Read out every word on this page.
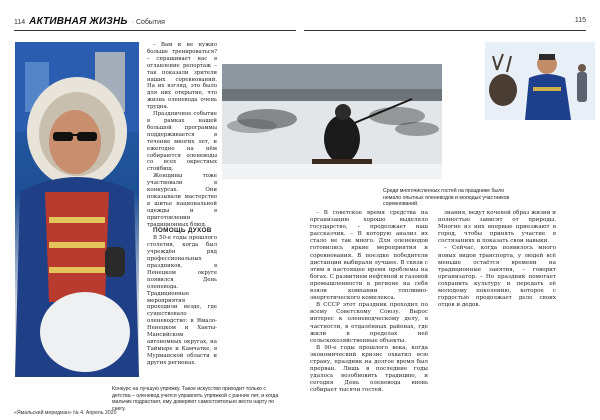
114 АКТИВНАЯ ЖИЗНЬ · События	115

– Вам и не нужно больше тренироваться? – спрашивает нас в оглавление репортаж – так показали зрители наших соревнований. На их взгляд, это было для них открытие, что жизнь оленевода очень трудна.

Праздничное событие в рамках нашей большой программы поддерживается в течение многих лет, и ежегодно на нём собираются оленеводы со всех окрестных стойбищ.

Женщины тоже участвовали в конкурсах. Они показывали мастерство в шитье национальной одежды и в приготовлении традиционных блюд.

ПОМОЩЬ ДУХОВ

В 50-е годы прошлого столетия, когда был учреждён ряд профессиональных праздников, в Ненецком округе появился День оленевода. Традиционные мероприятия проходили везде, где существовало оленеводство: в Ямало-Ненецком и Ханты-Мансийском автономных округах, на Таймыре и Камчатке, в Мурманской области и других регионах.

Конкурс на лучшую упряжку. Такое искусство приходит только с детства – оленевод учится управлять упряжкой с ранних лет, и когда мальчик подрастает, ему доверяют самостоятельно вести нарту по снегу.
Среди многочисленных гостей на празднике было немало опытных оленеводов и молодых участников соревнований.

– В советское время средства на организацию хорошо выделяло государство, – продолжает наш рассказчик. – В которую анализ их стало не так много. Для оленеводов готовились яркие мероприятия и соревнования. В поездке победители дистанции выбирали лучшее. В связи с этим в настоящее время проблемы на богах. С развитием нефтяной и газовой промышленности в регионе на себя взяли компании топливно-энергетического комплекса.

В СССР этот праздник проходил по всему Советскому Союзу. Вырос интерес к оленеводческому делу, в частности, в отдалённых районах, где жили в пределах неё сельскохозяйственные объекты.

В 90-е годы прошлого века, когда экономический кризис охватил всю страну, праздник на долгое время был прерван. Лишь в последние годы удалось возобновить традицию, и сегодня День оленевода вновь собирает тысячи гостей.

знания, ведут кочевой образ жизни и полностью зависят от природы. Многие из них впервые приезжают в город, чтобы принять участие в состязаниях и показать свои навыки.

– Сейчас, когда появилось много новых видов транспорта, у людей всё меньше остаётся времени на традиционные занятия, – говорит организатор. – Но праздник помогает сохранить культуру и передать её молодому поколению, которое с гордостью продолжает дело своих отцов и дедов.

«Ямальский меридиан» № 4. Апрель 2020
